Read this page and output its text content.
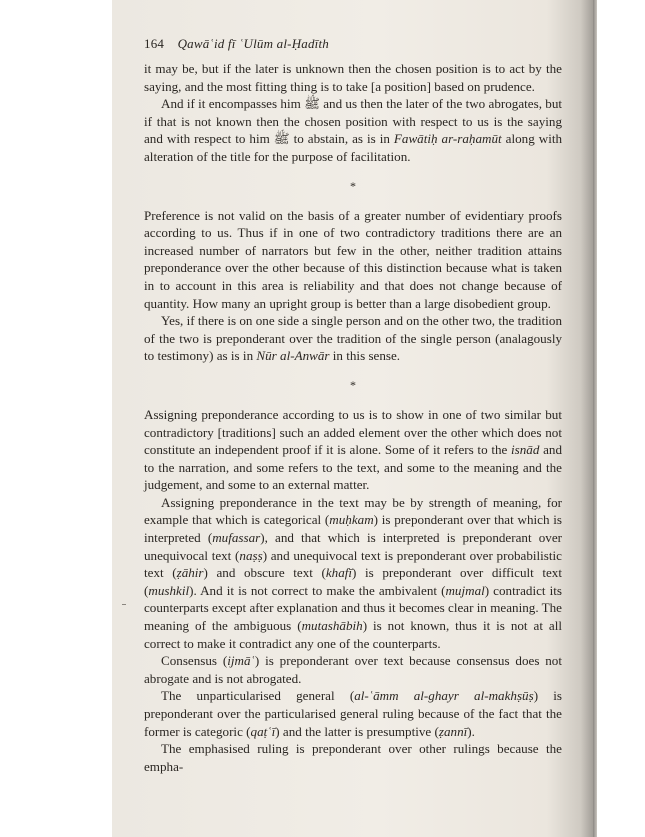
164 Qawāʿid fī ʿUlūm al-Ḥadīth

it may be, but if the later is unknown then the chosen position is to act by the saying, and the most fitting thing is to take [a position] based on prudence.

And if it encompasses him ﷺ and us then the later of the two abrogates, but if that is not known then the chosen position with respect to us is the saying and with respect to him ﷺ to abstain, as is in Fawātiḥ ar-raḥamūt along with alteration of the title for the purpose of facilitation.

*

Preference is not valid on the basis of a greater number of evidentiary proofs according to us. Thus if in one of two contradictory traditions there are an increased number of narrators but few in the other, neither tradition attains preponderance over the other because of this distinction because what is taken in to account in this area is reliability and that does not change because of quantity. How many an upright group is better than a large disobedient group.

Yes, if there is on one side a single person and on the other two, the tradition of the two is preponderant over the tradition of the single person (analagously to testimony) as is in Nūr al-Anwār in this sense.

*

Assigning preponderance according to us is to show in one of two similar but contradictory [traditions] such an added element over the other which does not constitute an independent proof if it is alone. Some of it refers to the isnād and to the narration, and some refers to the text, and some to the meaning and the judgement, and some to an external matter.

Assigning preponderance in the text may be by strength of meaning, for example that which is categorical (muḥkam) is preponderant over that which is interpreted (mufassar), and that which is interpreted is preponderant over unequivocal text (naṣṣ) and unequivocal text is preponderant over probabilistic text (ẓāhir) and obscure text (khafī) is preponderant over difficult text (mushkil). And it is not correct to make the ambivalent (mujmal) contradict its counterparts except after explanation and thus it becomes clear in meaning. The meaning of the ambiguous (mutashābih) is not known, thus it is not at all correct to make it contradict any one of the counterparts.

Consensus (ijmāʿ) is preponderant over text because consensus does not abrogate and is not abrogated.

The unparticularised general (al-ʿāmm al-ghayr al-makhṣūṣ) is preponderant over the particularised general ruling because of the fact that the former is categoric (qaṭʿī) and the latter is presumptive (ẓannī).

The emphasised ruling is preponderant over other rulings because the empha-
